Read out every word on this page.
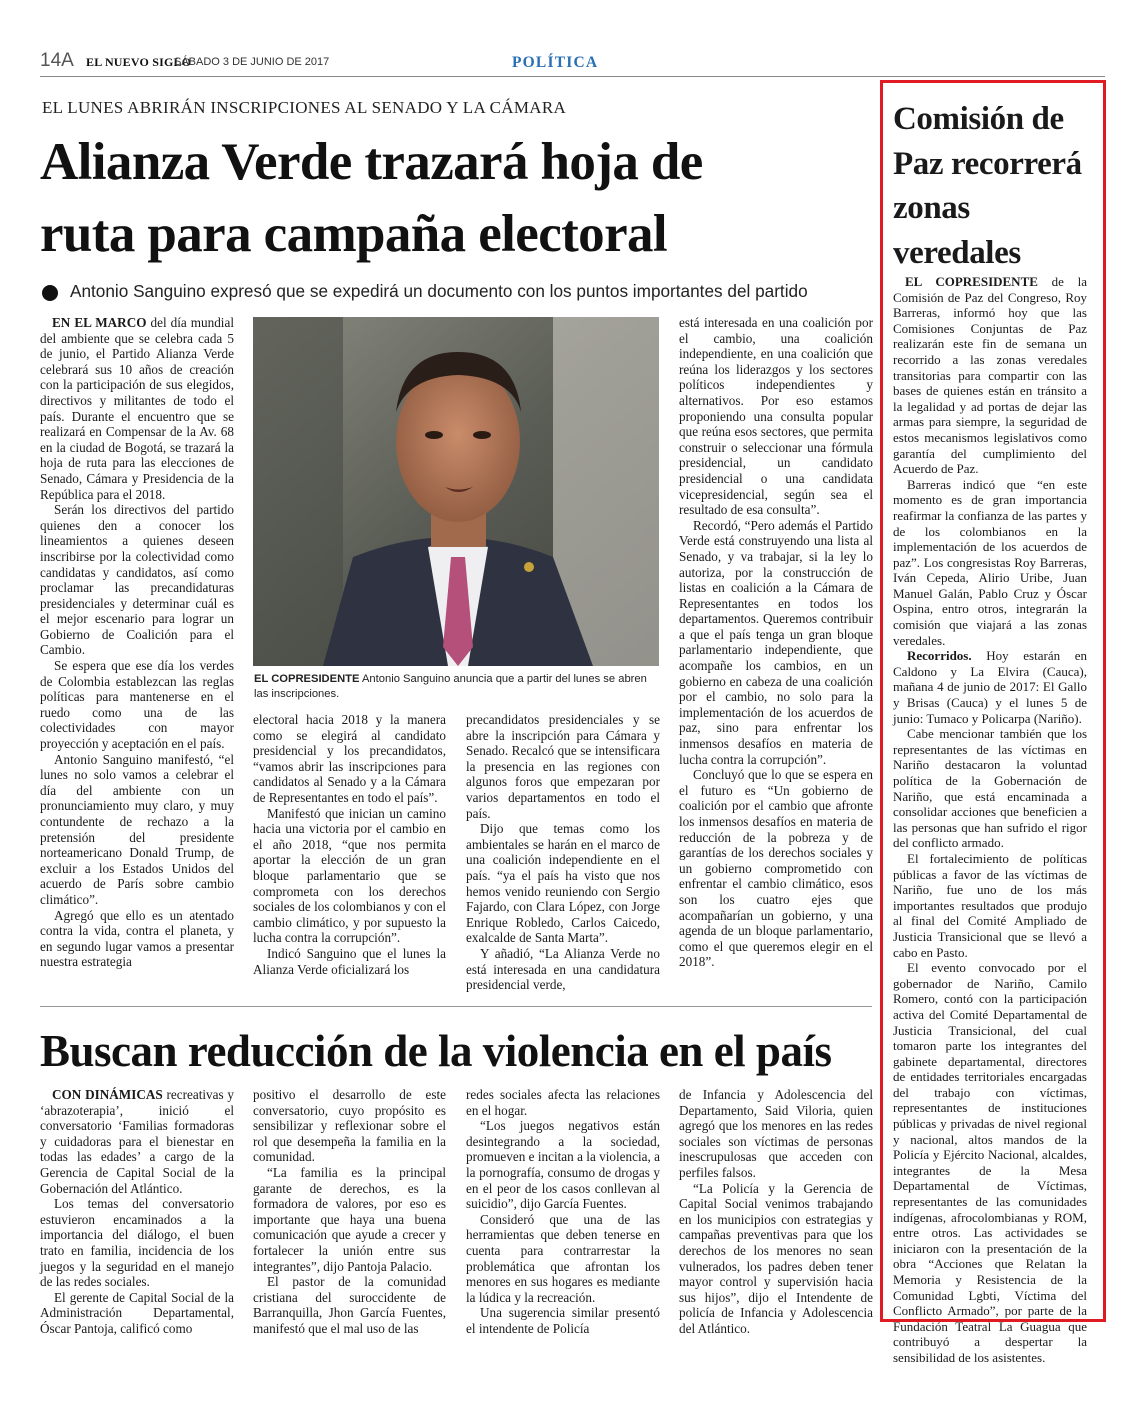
14A EL NUEVO SIGLO
SÁBADO 3 DE JUNIO DE 2017	POLÍTICA
EL LUNES ABRIRÁN INSCRIPCIONES AL SENADO Y LA CÁMARA
Alianza Verde trazará hoja de
ruta para campaña electoral
Antonio Sanguino expresó que se expedirá un documento con los puntos importantes del partido

EN EL MARCO del día mundial del ambiente que se celebra cada 5 de junio, el Partido Alianza Verde celebrará sus 10 años de creación con la participación de sus elegidos, directivos y militantes de todo el país. Durante el encuentro que se realizará en Compensar de la Av. 68 en la ciudad de Bogotá, se trazará la hoja de ruta para las elecciones de Senado, Cámara y Presidencia de la República para el 2018.

Serán los directivos del partido quienes den a conocer los lineamientos a quienes deseen inscribirse por la colectividad como candidatas y candidatos, así como proclamar las precandidaturas presidenciales y determinar cuál es el mejor escenario para lograr un Gobierno de Coalición para el Cambio.

Se espera que ese día los verdes de Colombia establezcan las reglas políticas para mantenerse en el ruedo como una de las colectividades con mayor proyección y aceptación en el país.

Antonio Sanguino manifestó, “el lunes no solo vamos a celebrar el día del ambiente con un pronunciamiento muy claro, y muy contundente de rechazo a la pretensión del presidente norteamericano Donald Trump, de excluir a los Estados Unidos del acuerdo de París sobre cambio climático”.

Agregó que ello es un atentado contra la vida, contra el planeta, y en segundo lugar vamos a presentar nuestra estrategia

EL COPRESIDENTE Antonio Sanguino anuncia que a partir del lunes se abren las inscripciones.

electoral hacia 2018 y la manera como se elegirá al candidato presidencial y los precandidatos, “vamos abrir las inscripciones para candidatos al Senado y a la Cámara de Representantes en todo el país”.

Manifestó que inician un camino hacia una victoria por el cambio en el año 2018, “que nos permita aportar la elección de un gran bloque parlamentario que se comprometa con los derechos sociales de los colombianos y con el cambio climático, y por supuesto la lucha contra la corrupción”.

Indicó Sanguino que el lunes la Alianza Verde oficializará los

precandidatos presidenciales y se abre la inscripción para Cámara y Senado. Recalcó que se intensificara la presencia en las regiones con algunos foros que empezaran por varios departamentos en todo el país.

Dijo que temas como los ambientales se harán en el marco de una coalición independiente en el país. “ya el país ha visto que nos hemos venido reuniendo con Sergio Fajardo, con Clara López, con Jorge Enrique Robledo, Carlos Caicedo, exalcalde de Santa Marta”.

Y añadió, “La Alianza Verde no está interesada en una candidatura presidencial verde,

está interesada en una coalición por el cambio, una coalición independiente, en una coalición que reúna los liderazgos y los sectores políticos independientes y alternativos. Por eso estamos proponiendo una consulta popular que reúna esos sectores, que permita construir o seleccionar una fórmula presidencial, un candidato presidencial o una candidata vicepresidencial, según sea el resultado de esa consulta”.

Recordó, “Pero además el Partido Verde está construyendo una lista al Senado, y va trabajar, si la ley lo autoriza, por la construcción de listas en coalición a la Cámara de Representantes en todos los departamentos. Queremos contribuir a que el país tenga un gran bloque parlamentario independiente, que acompañe los cambios, en un gobierno en cabeza de una coalición por el cambio, no solo para la implementación de los acuerdos de paz, sino para enfrentar los inmensos desafíos en materia de lucha contra la corrupción”.

Concluyó que lo que se espera en el futuro es “Un gobierno de coalición por el cambio que afronte los inmensos desafíos en materia de reducción de la pobreza y de garantías de los derechos sociales y un gobierno comprometido con enfrentar el cambio climático, esos son los cuatro ejes que acompañarían un gobierno, y una agenda de un bloque parlamentario, como el que queremos elegir en el 2018”.

Buscan reducción de la violencia en el país

CON DINÁMICAS recreativas y ‘abrazoterapia’, inició el conversatorio ‘Familias formadoras y cuidadoras para el bienestar en todas las edades’ a cargo de la Gerencia de Capital Social de la Gobernación del Atlántico.

Los temas del conversatorio estuvieron encaminados a la importancia del diálogo, el buen trato en familia, incidencia de los juegos y la seguridad en el manejo de las redes sociales.

El gerente de Capital Social de la Administración Departamental, Óscar Pantoja, calificó como

positivo el desarrollo de este conversatorio, cuyo propósito es sensibilizar y reflexionar sobre el rol que desempeña la familia en la comunidad.

“La familia es la principal garante de derechos, es la formadora de valores, por eso es importante que haya una buena comunicación que ayude a crecer y fortalecer la unión entre sus integrantes”, dijo Pantoja Palacio.

El pastor de la comunidad cristiana del suroccidente de Barranquilla, Jhon García Fuentes, manifestó que el mal uso de las

redes sociales afecta las relaciones en el hogar.

“Los juegos negativos están desintegrando a la sociedad, promueven e incitan a la violencia, a la pornografía, consumo de drogas y en el peor de los casos conllevan al suicidio”, dijo García Fuentes.

Consideró que una de las herramientas que deben tenerse en cuenta para contrarrestar la problemática que afrontan los menores en sus hogares es mediante la lúdica y la recreación.

Una sugerencia similar presentó el intendente de Policía

de Infancia y Adolescencia del Departamento, Said Viloria, quien agregó que los menores en las redes sociales son víctimas de personas inescrupulosas que acceden con perfiles falsos.

“La Policía y la Gerencia de Capital Social venimos trabajando en los municipios con estrategias y campañas preventivas para que los derechos de los menores no sean vulnerados, los padres deben tener mayor control y supervisión hacia sus hijos”, dijo el Intendente de policía de Infancia y Adolescencia del Atlántico.

Comisión de
Paz recorrerá
zonas
veredales

EL COPRESIDENTE de la Comisión de Paz del Congreso, Roy Barreras, informó hoy que las Comisiones Conjuntas de Paz realizarán este fin de semana un recorrido a las zonas veredales transitorias para compartir con las bases de quienes están en tránsito a la legalidad y ad portas de dejar las armas para siempre, la seguridad de estos mecanismos legislativos como garantía del cumplimiento del Acuerdo de Paz.

Barreras indicó que “en este momento es de gran importancia reafirmar la confianza de las partes y de los colombianos en la implementación de los acuerdos de paz”. Los congresistas Roy Barreras, Iván Cepeda, Alirio Uribe, Juan Manuel Galán, Pablo Cruz y Óscar Ospina, entro otros, integrarán la comisión que viajará a las zonas veredales.

Recorridos. Hoy estarán en Caldono y La Elvira (Cauca), mañana 4 de junio de 2017: El Gallo y Brisas (Cauca) y el lunes 5 de junio: Tumaco y Policarpa (Nariño).

Cabe mencionar también que los representantes de las víctimas en Nariño destacaron la voluntad política de la Gobernación de Nariño, que está encaminada a consolidar acciones que beneficien a las personas que han sufrido el rigor del conflicto armado.

El fortalecimiento de políticas públicas a favor de las víctimas de Nariño, fue uno de los más importantes resultados que produjo al final del Comité Ampliado de Justicia Transicional que se llevó a cabo en Pasto.

El evento convocado por el gobernador de Nariño, Camilo Romero, contó con la participación activa del Comité Departamental de Justicia Transicional, del cual tomaron parte los integrantes del gabinete departamental, directores de entidades territoriales encargadas del trabajo con víctimas, representantes de instituciones públicas y privadas de nivel regional y nacional, altos mandos de la Policía y Ejército Nacional, alcaldes, integrantes de la Mesa Departamental de Víctimas, representantes de las comunidades indígenas, afrocolombianas y ROM, entre otros. Las actividades se iniciaron con la presentación de la obra “Acciones que Relatan la Memoria y Resistencia de la Comunidad Lgbti, Víctima del Conflicto Armado”, por parte de la Fundación Teatral La Guagua que contribuyó a despertar la sensibilidad de los asistentes.
